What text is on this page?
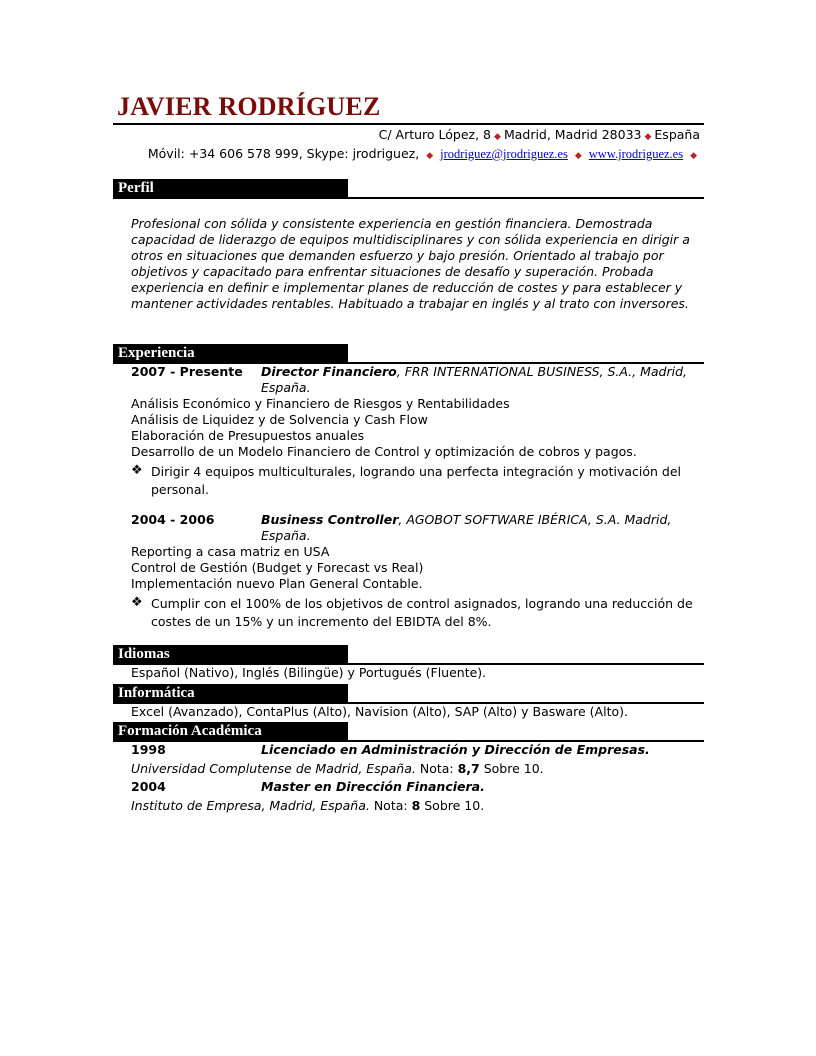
JAVIER RODRÍGUEZ
C/ Arturo López, 8 ◆ Madrid, Madrid 28033 ◆ España
Móvil: +34 606 578 999, Skype: jrodriguez, ◆ jrodriguez@jrodriguez.es ◆ www.jrodriguez.es ◆
Perfil

Profesional con sólida y consistente experiencia en gestión financiera. Demostrada capacidad de liderazgo de equipos multidisciplinares y con sólida experiencia en dirigir a otros en situaciones que demanden esfuerzo y bajo presión. Orientado al trabajo por objetivos y capacitado para enfrentar situaciones de desafío y superación. Probada experiencia en definir e implementar planes de reducción de costes y para establecer y mantener actividades rentables. Habituado a trabajar en inglés y al trato con inversores.

Experiencia
2007 - Presente	Director Financiero, FRR INTERNATIONAL BUSINESS, S.A., Madrid, España.
Análisis Económico y Financiero de Riesgos y Rentabilidades
Análisis de Liquidez y de Solvencia y Cash Flow
Elaboración de Presupuestos anuales
Desarrollo de un Modelo Financiero de Control y optimización de cobros y pagos.
❖ Dirigir 4 equipos multiculturales, logrando una perfecta integración y motivación del personal.
2004 - 2006	Business Controller, AGOBOT SOFTWARE IBÉRICA, S.A. Madrid, España.
Reporting a casa matriz en USA
Control de Gestión (Budget y Forecast vs Real)
Implementación nuevo Plan General Contable.
❖ Cumplir con el 100% de los objetivos de control asignados, logrando una reducción de costes de un 15% y un incremento del EBIDTA del 8%.
Idiomas
Español (Nativo), Inglés (Bilingüe) y Portugués (Fluente).
Informática
Excel (Avanzado), ContaPlus (Alto), Navision (Alto), SAP (Alto) y Basware (Alto).
Formación Académica
1998	Licenciado en Administración y Dirección de Empresas.
Universidad Complutense de Madrid, España. Nota: 8,7 Sobre 10.
2004	Master en Dirección Financiera.
Instituto de Empresa, Madrid, España. Nota: 8 Sobre 10.
